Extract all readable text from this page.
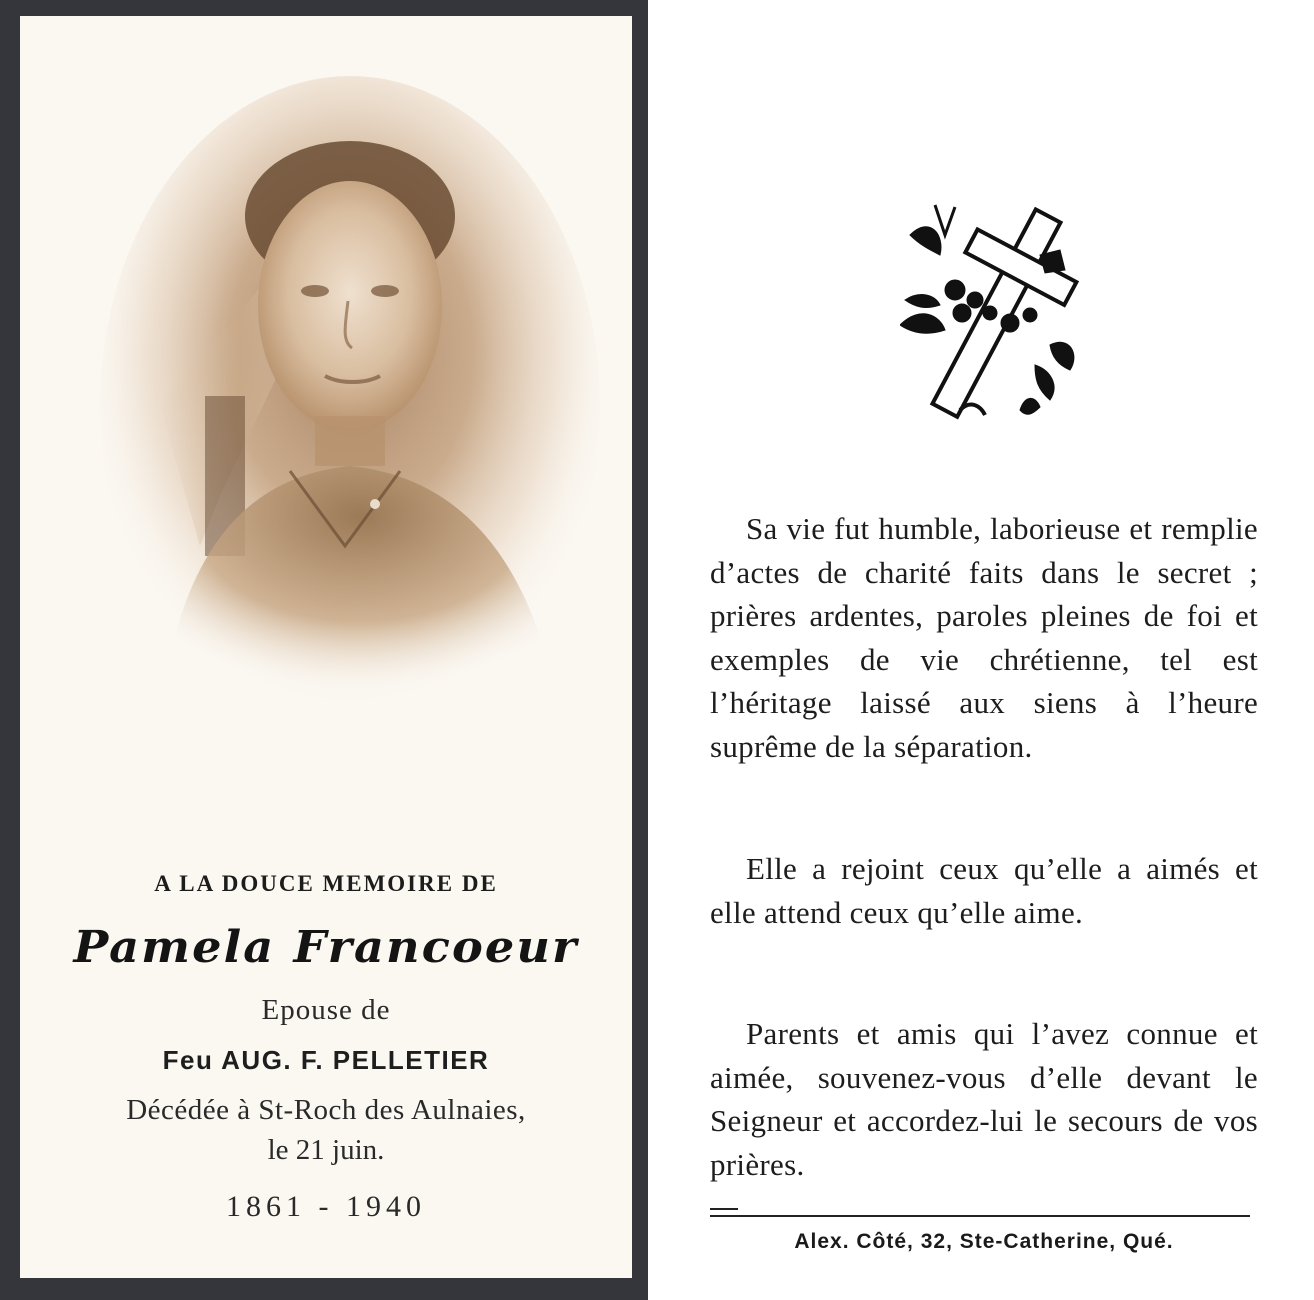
A LA DOUCE MEMOIRE DE
Pamela Francoeur
Epouse de
Feu AUG. F. PELLETIER
Décédée à St-Roch des Aulnaies,
le 21 juin.
1861 - 1940

Sa vie fut humble, laborieuse et remplie d’actes de charité faits dans le secret ; prières ardentes, paroles pleines de foi et exemples de vie chrétienne, tel est l’héritage laissé aux siens à l’heure suprême de la séparation.

Elle a rejoint ceux qu’elle a aimés et elle attend ceux qu’elle aime.

Parents et amis qui l’avez connue et aimée, souvenez-vous d’elle devant le Seigneur et accordez-lui le secours de vos prières.

Alex. Côté, 32, Ste-Catherine, Qué.
